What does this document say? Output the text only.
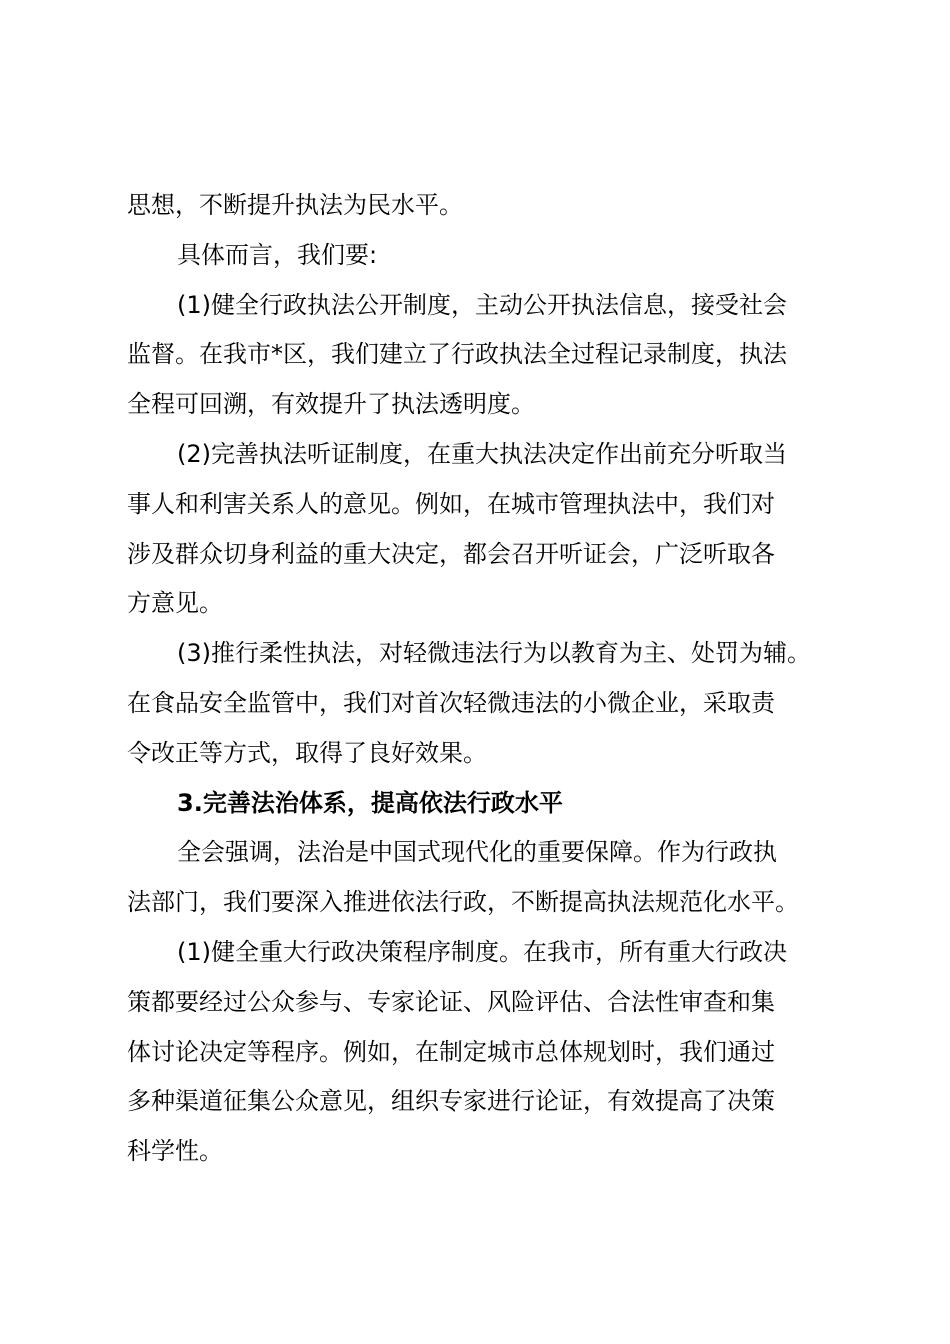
思想，不断提升执法为民水平。
具体而言，我们要:
(1)健全行政执法公开制度，主动公开执法信息，接受社会
监督。在我市*区，我们建立了行政执法全过程记录制度，执法
全程可回溯，有效提升了执法透明度。
(2)完善执法听证制度，在重大执法决定作出前充分听取当
事人和利害关系人的意见。例如，在城市管理执法中，我们对
涉及群众切身利益的重大决定，都会召开听证会，广泛听取各
方意见。
(3)推行柔性执法，对轻微违法行为以教育为主、处罚为辅。
在食品安全监管中，我们对首次轻微违法的小微企业，采取责
令改正等方式，取得了良好效果。
3.完善法治体系，提高依法行政水平
全会强调，法治是中国式现代化的重要保障。作为行政执
法部门，我们要深入推进依法行政，不断提高执法规范化水平。
(1)健全重大行政决策程序制度。在我市，所有重大行政决
策都要经过公众参与、专家论证、风险评估、合法性审查和集
体讨论决定等程序。例如，在制定城市总体规划时，我们通过
多种渠道征集公众意见，组织专家进行论证，有效提高了决策
科学性。
